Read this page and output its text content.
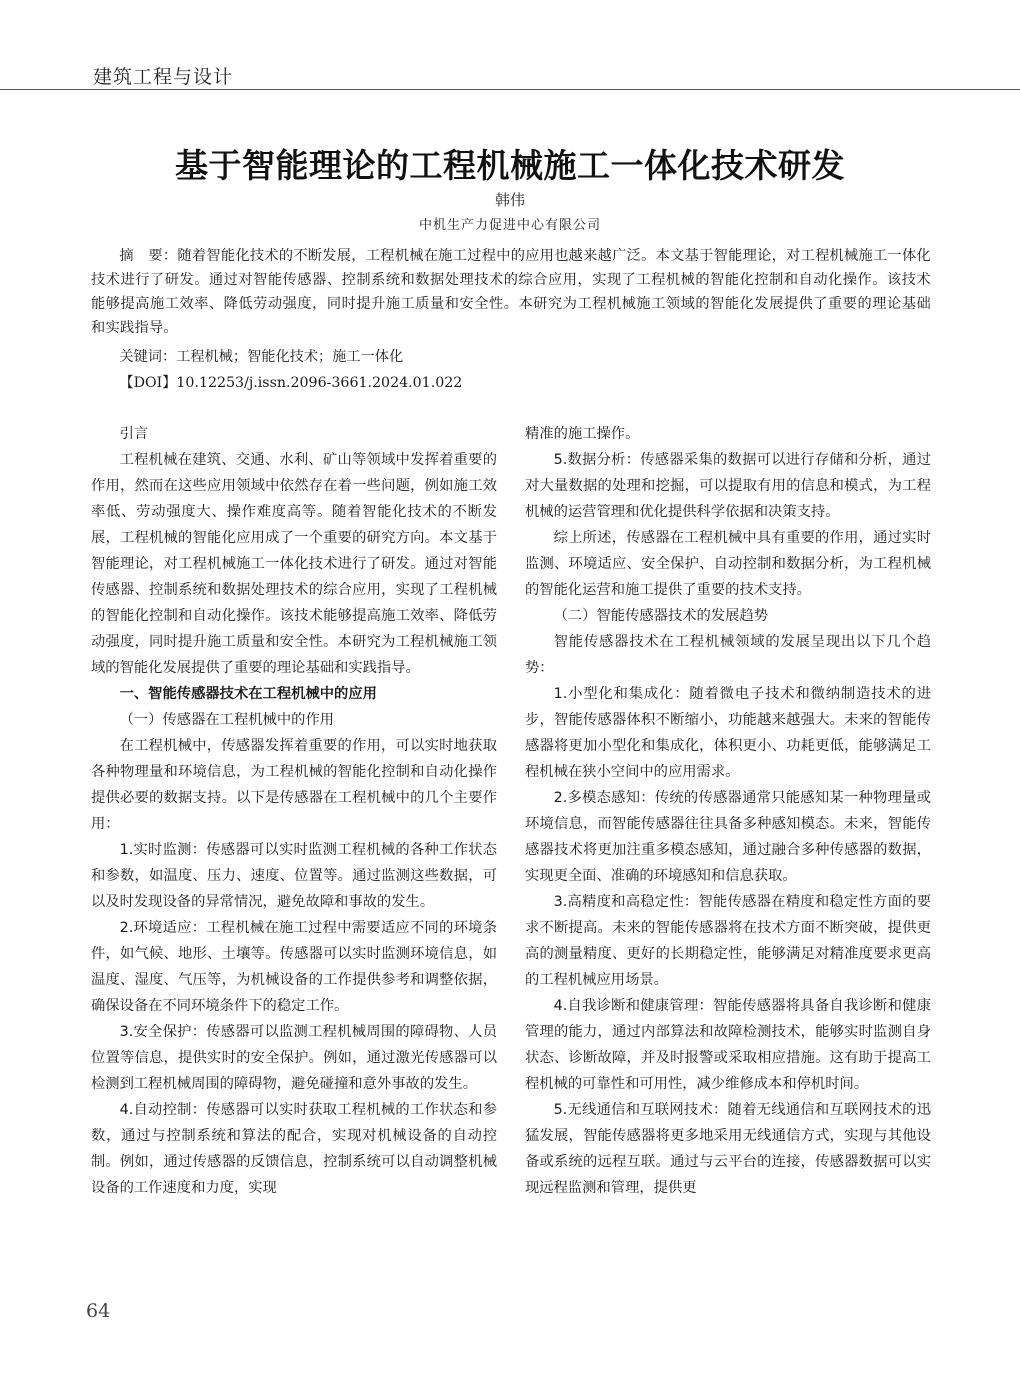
建筑工程与设计
基于智能理论的工程机械施工一体化技术研发
韩伟
中机生产力促进中心有限公司

摘　要：随着智能化技术的不断发展，工程机械在施工过程中的应用也越来越广泛。本文基于智能理论，对工程机械施工一体化技术进行了研发。通过对智能传感器、控制系统和数据处理技术的综合应用，实现了工程机械的智能化控制和自动化操作。该技术能够提高施工效率、降低劳动强度，同时提升施工质量和安全性。本研究为工程机械施工领域的智能化发展提供了重要的理论基础和实践指导。

关键词：工程机械；智能化技术；施工一体化

【DOI】10.12253/j.issn.2096-3661.2024.01.022

引言

工程机械在建筑、交通、水利、矿山等领域中发挥着重要的作用，然而在这些应用领域中依然存在着一些问题，例如施工效率低、劳动强度大、操作难度高等。随着智能化技术的不断发展，工程机械的智能化应用成了一个重要的研究方向。本文基于智能理论，对工程机械施工一体化技术进行了研发。通过对智能传感器、控制系统和数据处理技术的综合应用，实现了工程机械的智能化控制和自动化操作。该技术能够提高施工效率、降低劳动强度，同时提升施工质量和安全性。本研究为工程机械施工领域的智能化发展提供了重要的理论基础和实践指导。

一、智能传感器技术在工程机械中的应用

（一）传感器在工程机械中的作用

在工程机械中，传感器发挥着重要的作用，可以实时地获取各种物理量和环境信息，为工程机械的智能化控制和自动化操作提供必要的数据支持。以下是传感器在工程机械中的几个主要作用：

1.实时监测：传感器可以实时监测工程机械的各种工作状态和参数，如温度、压力、速度、位置等。通过监测这些数据，可以及时发现设备的异常情况，避免故障和事故的发生。

2.环境适应：工程机械在施工过程中需要适应不同的环境条件，如气候、地形、土壤等。传感器可以实时监测环境信息，如温度、湿度、气压等，为机械设备的工作提供参考和调整依据，确保设备在不同环境条件下的稳定工作。

3.安全保护：传感器可以监测工程机械周围的障碍物、人员位置等信息，提供实时的安全保护。例如，通过激光传感器可以检测到工程机械周围的障碍物，避免碰撞和意外事故的发生。

4.自动控制：传感器可以实时获取工程机械的工作状态和参数，通过与控制系统和算法的配合，实现对机械设备的自动控制。例如，通过传感器的反馈信息，控制系统可以自动调整机械设备的工作速度和力度，实现

精准的施工操作。

5.数据分析：传感器采集的数据可以进行存储和分析，通过对大量数据的处理和挖掘，可以提取有用的信息和模式，为工程机械的运营管理和优化提供科学依据和决策支持。

综上所述，传感器在工程机械中具有重要的作用，通过实时监测、环境适应、安全保护、自动控制和数据分析，为工程机械的智能化运营和施工提供了重要的技术支持。

（二）智能传感器技术的发展趋势

智能传感器技术在工程机械领域的发展呈现出以下几个趋势：

1.小型化和集成化：随着微电子技术和微纳制造技术的进步，智能传感器体积不断缩小，功能越来越强大。未来的智能传感器将更加小型化和集成化，体积更小、功耗更低，能够满足工程机械在狭小空间中的应用需求。

2.多模态感知：传统的传感器通常只能感知某一种物理量或环境信息，而智能传感器往往具备多种感知模态。未来，智能传感器技术将更加注重多模态感知，通过融合多种传感器的数据，实现更全面、准确的环境感知和信息获取。

3.高精度和高稳定性：智能传感器在精度和稳定性方面的要求不断提高。未来的智能传感器将在技术方面不断突破，提供更高的测量精度、更好的长期稳定性，能够满足对精准度要求更高的工程机械应用场景。

4.自我诊断和健康管理：智能传感器将具备自我诊断和健康管理的能力，通过内部算法和故障检测技术，能够实时监测自身状态、诊断故障，并及时报警或采取相应措施。这有助于提高工程机械的可靠性和可用性，减少维修成本和停机时间。

5.无线通信和互联网技术：随着无线通信和互联网技术的迅猛发展，智能传感器将更多地采用无线通信方式，实现与其他设备或系统的远程互联。通过与云平台的连接，传感器数据可以实现远程监测和管理，提供更

64
